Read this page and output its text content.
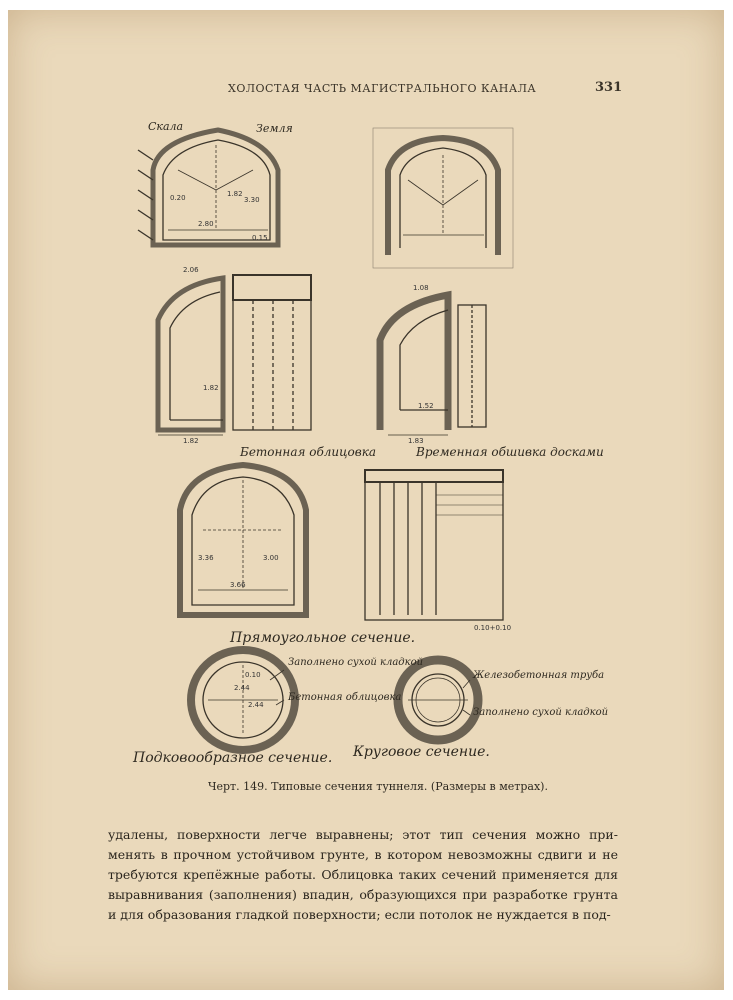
ХОЛОСТАЯ ЧАСТЬ МАГИСТРАЛЬНОГО КАНАЛА	331
Скала	Земля
Бетонная облицовка	Временная обшивка досками
Прямоугольное сечение.
Заполнено сухой кладкой
Бетонная облицовка
Подковообразное сечение. Круговое сечение.
Железобетонная труба
Заполнено сухой кладкой
2.80
3.30
1.82
0.20
0.15
2.06
1.82
1.82
1.08
1.52
1.83
3.66
3.36	3.00
2.44
2.44
0.10
0.10+0.10
Черт. 149. Типовые сечения туннеля. (Размеры в метрах).
удалены, поверхности легче выравнены; этот тип сечения можно при-
менять в прочном устойчивом грунте, в котором невозможны сдвиги и не
требуются крепёжные работы. Облицовка таких сечений применяется для
выравнивания (заполнения) впадин, образующихся при разработке грунта
и для образования гладкой поверхности; если потолок не нуждается в под-
